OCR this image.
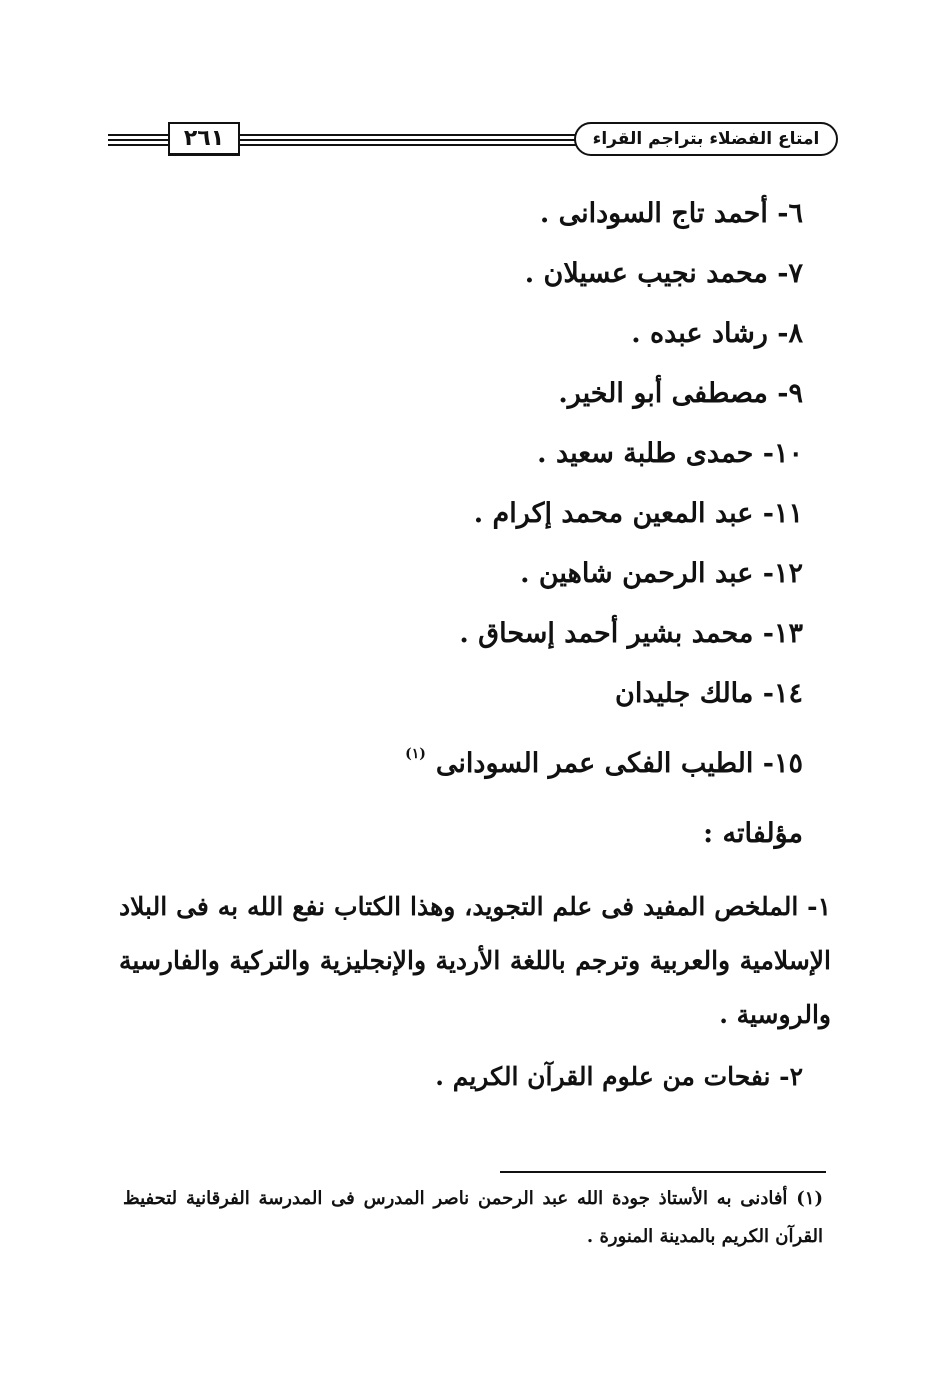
٢٦١	امتاع الفضلاء بتراجم القراء
٦- أحمد تاج السودانى .
٧- محمد نجيب عسيلان .
٨- رشاد عبده .
٩- مصطفى أبو الخير.
١٠- حمدى طلبة سعيد .
١١- عبد المعين محمد إكرام .
١٢- عبد الرحمن شاهين .
١٣- محمد بشير أحمد إسحاق .
١٤- مالك جليدان
١٥- الطيب الفكى عمر السودانى$^{(١)}$
مؤلفاته :
١- الملخص المفيد فى علم التجويد، وهذا الكتاب نفع الله به فى البلاد الإسلامية والعربية وترجم باللغة الأردية والإنجليزية والتركية والفارسية والروسية .
٢- نفحات من علوم القرآن الكريم .
(١) أفادنى به الأستاذ جودة الله عبد الرحمن ناصر المدرس فى المدرسة الفرقانية لتحفيظ القرآن الكريم بالمدينة المنورة .
